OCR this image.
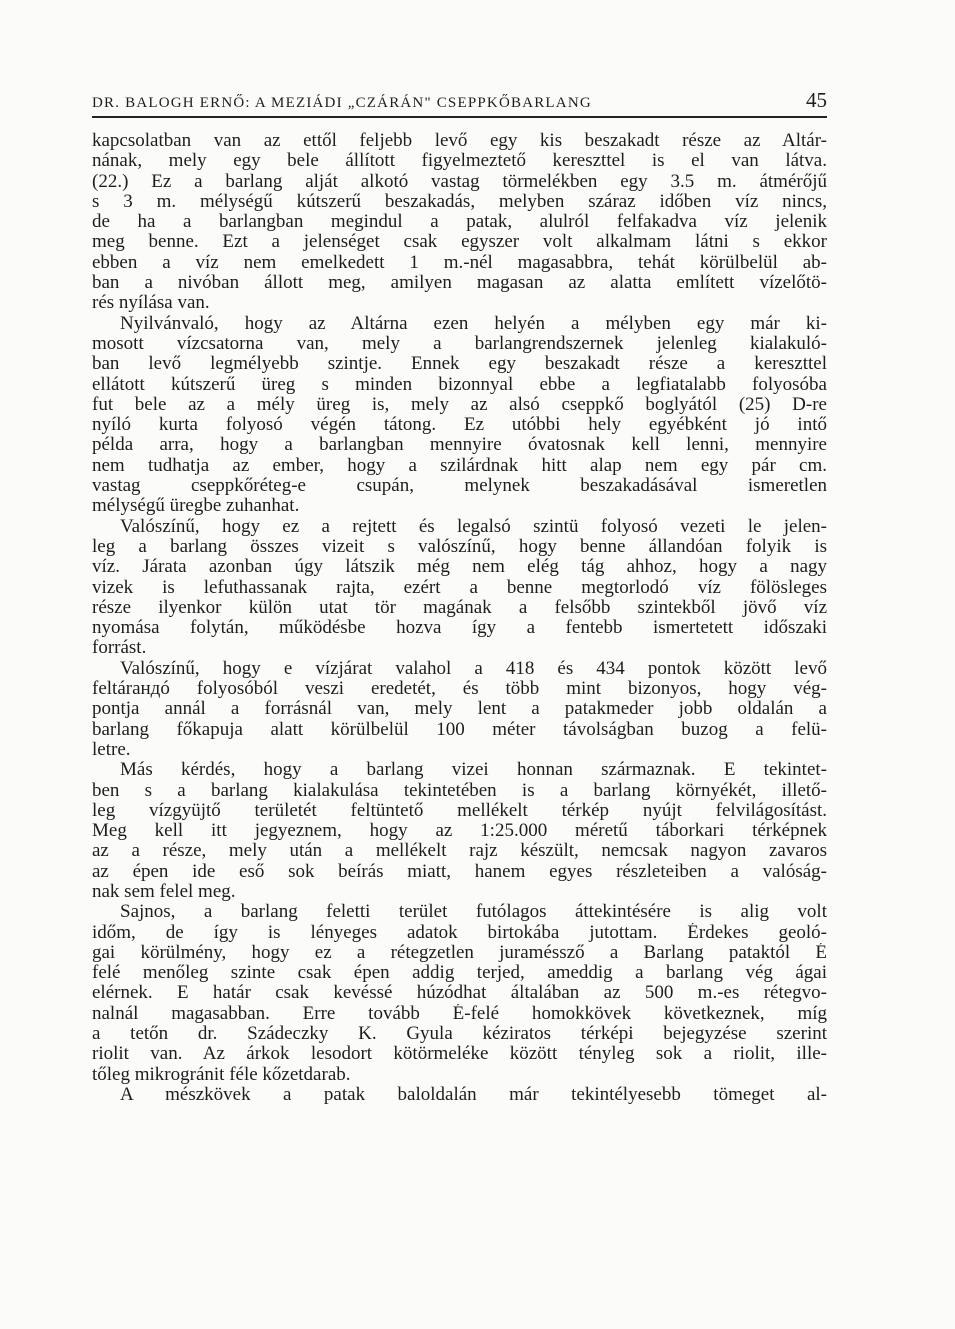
DR. BALOGH ERNŐ: A MEZIÁDI „CZÁRÁN" CSEPPKŐBARLANG	45
kapcsolatban van az ettől feljebb levő egy kis beszakadt része az Altár-
nának, mely egy bele állított figyelmeztető kereszttel is el van látva.
(22.) Ez a barlang alját alkotó vastag törmelékben egy 3.5 m. átmérőjű
s 3 m. mélységű kútszerű beszakadás, melyben száraz időben víz nincs,
de ha a barlangban megindul a patak, alulról felfakadva víz jelenik
meg benne. Ezt a jelenséget csak egyszer volt alkalmam látni s ekkor
ebben a víz nem emelkedett 1 m.-nél magasabbra, tehát körülbelül ab-
ban a nivóban állott meg, amilyen magasan az alatta említett vízelőtö-
rés nyílása van.
Nyilvánvaló, hogy az Altárna ezen helyén a mélyben egy már ki-
mosott vízcsatorna van, mely a barlangrendszernek jelenleg kialakuló-
ban levő legmélyebb szintje. Ennek egy beszakadt része a kereszttel
ellátott kútszerű üreg s minden bizonnyal ebbe a legfiatalabb folyosóba
fut bele az a mély üreg is, mely az alsó cseppkő boglyától (25) D-re
nyíló kurta folyosó végén tátong. Ez utóbbi hely egyébként jó intő
példa arra, hogy a barlangban mennyire óvatosnak kell lenni, mennyire
nem tudhatja az ember, hogy a szilárdnak hitt alap nem egy pár cm.
vastag cseppkőréteg-e csupán, melynek beszakadásával ismeretlen
mélységű üregbe zuhanhat.
Valószínű, hogy ez a rejtett és legalsó szintü folyosó vezeti le jelen-
leg a barlang összes vizeit s valószínű, hogy benne állandóan folyik is
víz. Járata azonban úgy látszik még nem elég tág ahhoz, hogy a nagy
vizek is lefuthassanak rajta, ezért a benne megtorlodó víz fölösleges
része ilyenkor külön utat tör magának a felsőbb szintekből jövő víz
nyomása folytán, működésbe hozva így a fentebb ismertetett időszaki
forrást.
Valószínű, hogy e vízjárat valahol a 418 és 434 pontok között levő
feltáraндó folyosóból veszi eredetét, és több mint bizonyos, hogy vég-
pontja annál a forrásnál van, mely lent a patakmeder jobb oldalán a
barlang főkapuja alatt körülbelül 100 méter távolságban buzog a felü-
letre.
Más kérdés, hogy a barlang vizei honnan származnak. E tekintet-
ben s a barlang kialakulása tekintetében is a barlang környékét, illető-
leg vízgyüjtő területét feltüntető mellékelt térkép nyújt felvilágosítást.
Meg kell itt jegyeznem, hogy az 1:25.000 méretű táborkari térképnek
az a része, mely után a mellékelt rajz készült, nemcsak nagyon zavaros
az épen ide eső sok beírás miatt, hanem egyes részleteiben a valóság-
nak sem felel meg.
Sajnos, a barlang feletti terület futólagos áttekintésére is alig volt
időm, de így is lényeges adatok birtokába jutottam. Érdekes geoló-
gai körülmény, hogy ez a rétegzetlen juraméssző a Barlang pataktól É
felé menőleg szinte csak épen addig terjed, ameddig a barlang vég ágai
elérnek. E határ csak kevéssé húzódhat általában az 500 m.-es rétegvo-
nalnál magasabban. Erre tovább É-felé homokkövek következnek, míg
a tetőn dr. Szádeczky K. Gyula kéziratos térképi bejegyzése szerint
riolit van. Az árkok lesodort kötörmeléke között tényleg sok a riolit, ille-
tőleg mikrogránit féle kőzetdarab.
A mészkövek a patak baloldalán már tekintélyesebb tömeget al-
